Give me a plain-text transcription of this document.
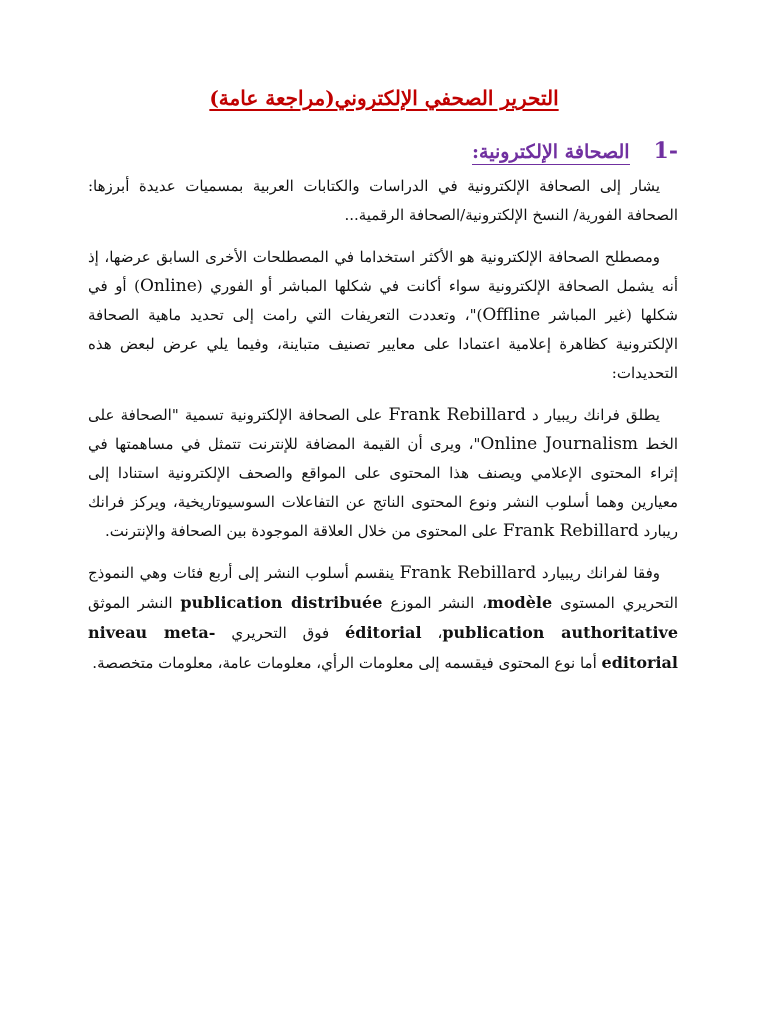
التحرير الصحفي الإلكتروني(مراجعة عامة)
1-
الصحافة الإلكترونية:

يشار إلى الصحافة الإلكترونية في الدراسات والكتابات العربية بمسميات عديدة أبرزها: الصحافة الفورية/ النسخ الإلكترونية/الصحافة الرقمية...

ومصطلح الصحافة الإلكترونية هو الأكثر استخداما في المصطلحات الأخرى السابق عرضها، إذ أنه يشمل الصحافة الإلكترونية سواء أكانت في شكلها المباشر أو الفوري (Online) أو في شكلها (غير المباشر Offline)"، وتعددت التعريفات التي رامت إلى تحديد ماهية الصحافة الإلكترونية كظاهرة إعلامية اعتمادا على معايير تصنيف متباينة، وفيما يلي عرض لبعض هذه التحديدات:

يطلق فرانك ريبيار د Frank Rebillard على الصحافة الإلكترونية تسمية "الصحافة على الخط Online Journalism"، ويرى أن القيمة المضافة للإنترنت تتمثل في مساهمتها في إثراء المحتوى الإعلامي ويصنف هذا المحتوى على المواقع والصحف الإلكترونية استنادا إلى معيارين وهما أسلوب النشر ونوع المحتوى الناتج عن التفاعلات السوسيوتاريخية، ويركز فرانك ريبارد Frank Rebillard على المحتوى من خلال العلاقة الموجودة بين الصحافة والإنترنت.

وفقا لفرانك ريبيارد Frank Rebillard ينقسم أسلوب النشر إلى أربع فئات وهي النموذج التحريري المستوى modèle، النشر الموزع publication distribuée النشر الموثق publication authoritative، éditorial فوق التحريري niveau meta-editorial أما نوع المحتوى فيقسمه إلى معلومات الرأي، معلومات عامة، معلومات متخصصة.
